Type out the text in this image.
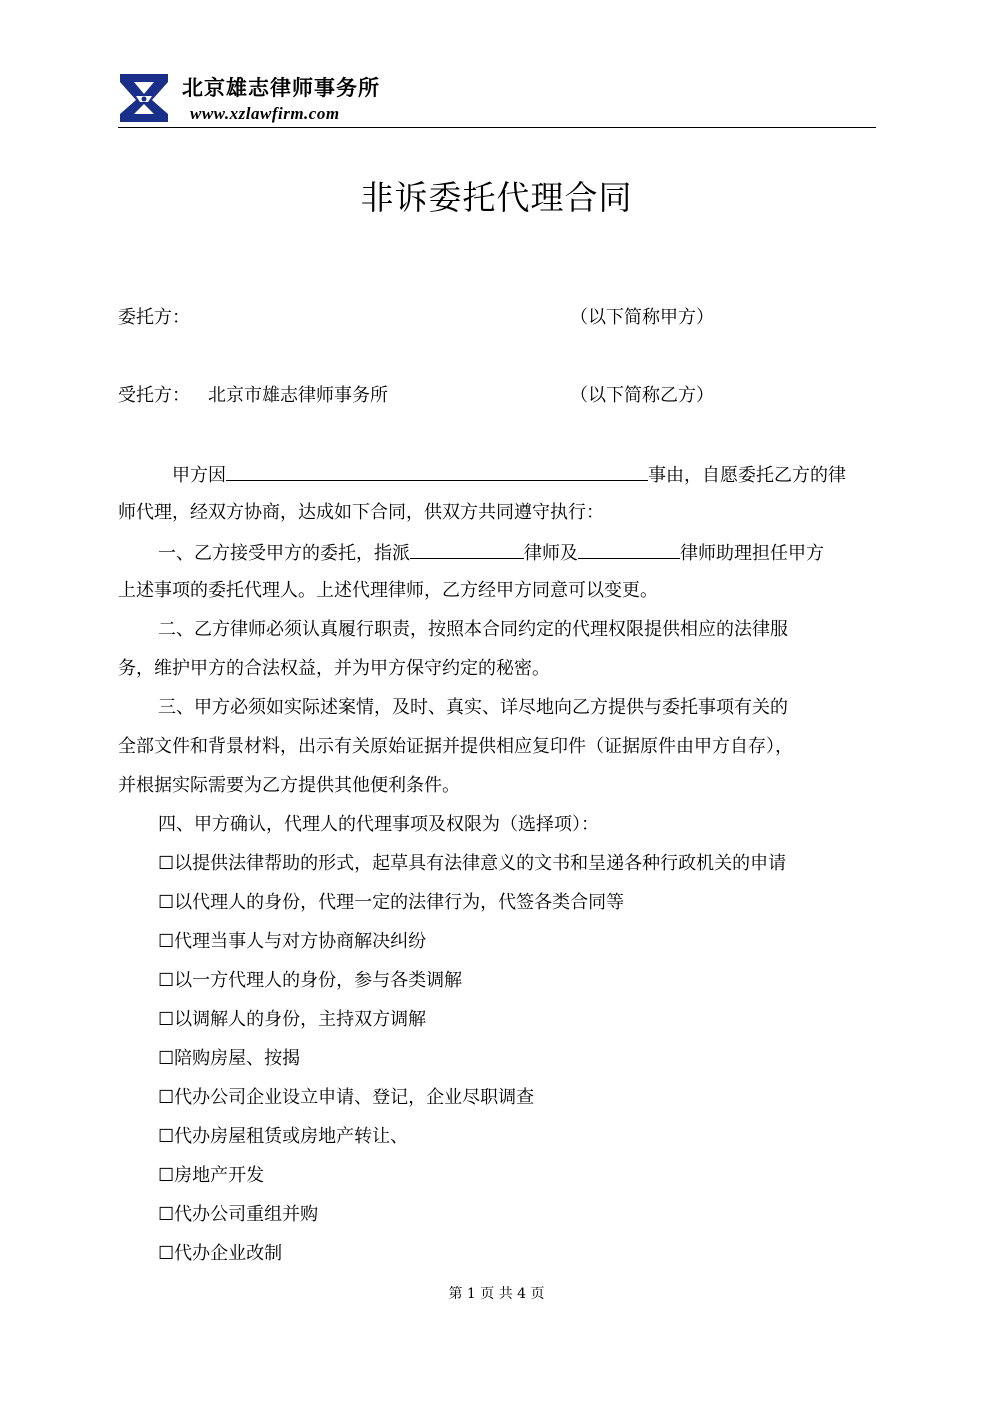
北京雄志律师事务所
www.xzlawfirm.com
非诉委托代理合同
委托方：	（以下简称甲方）
受托方： 北京市雄志律师事务所	（以下简称乙方）
甲方因	事由，自愿委托乙方的律
师代理，经双方协商，达成如下合同，供双方共同遵守执行：
一、乙方接受甲方的委托，指派	律师及	律师助理担任甲方
上述事项的委托代理人。上述代理律师，乙方经甲方同意可以变更。
二、乙方律师必须认真履行职责，按照本合同约定的代理权限提供相应的法律服
务，维护甲方的合法权益，并为甲方保守约定的秘密。
三、甲方必须如实际述案情，及时、真实、详尽地向乙方提供与委托事项有关的
全部文件和背景材料，出示有关原始证据并提供相应复印件（证据原件由甲方自存），
并根据实际需要为乙方提供其他便利条件。
四、甲方确认，代理人的代理事项及权限为（选择项）：
☐以提供法律帮助的形式，起草具有法律意义的文书和呈递各种行政机关的申请
☐以代理人的身份，代理一定的法律行为，代签各类合同等
☐代理当事人与对方协商解决纠纷
☐以一方代理人的身份，参与各类调解
☐以调解人的身份，主持双方调解
☐陪购房屋、按揭
☐代办公司企业设立申请、登记，企业尽职调查
☐代办房屋租赁或房地产转让、
☐房地产开发
☐代办公司重组并购
☐代办企业改制
第 1 页 共 4 页
